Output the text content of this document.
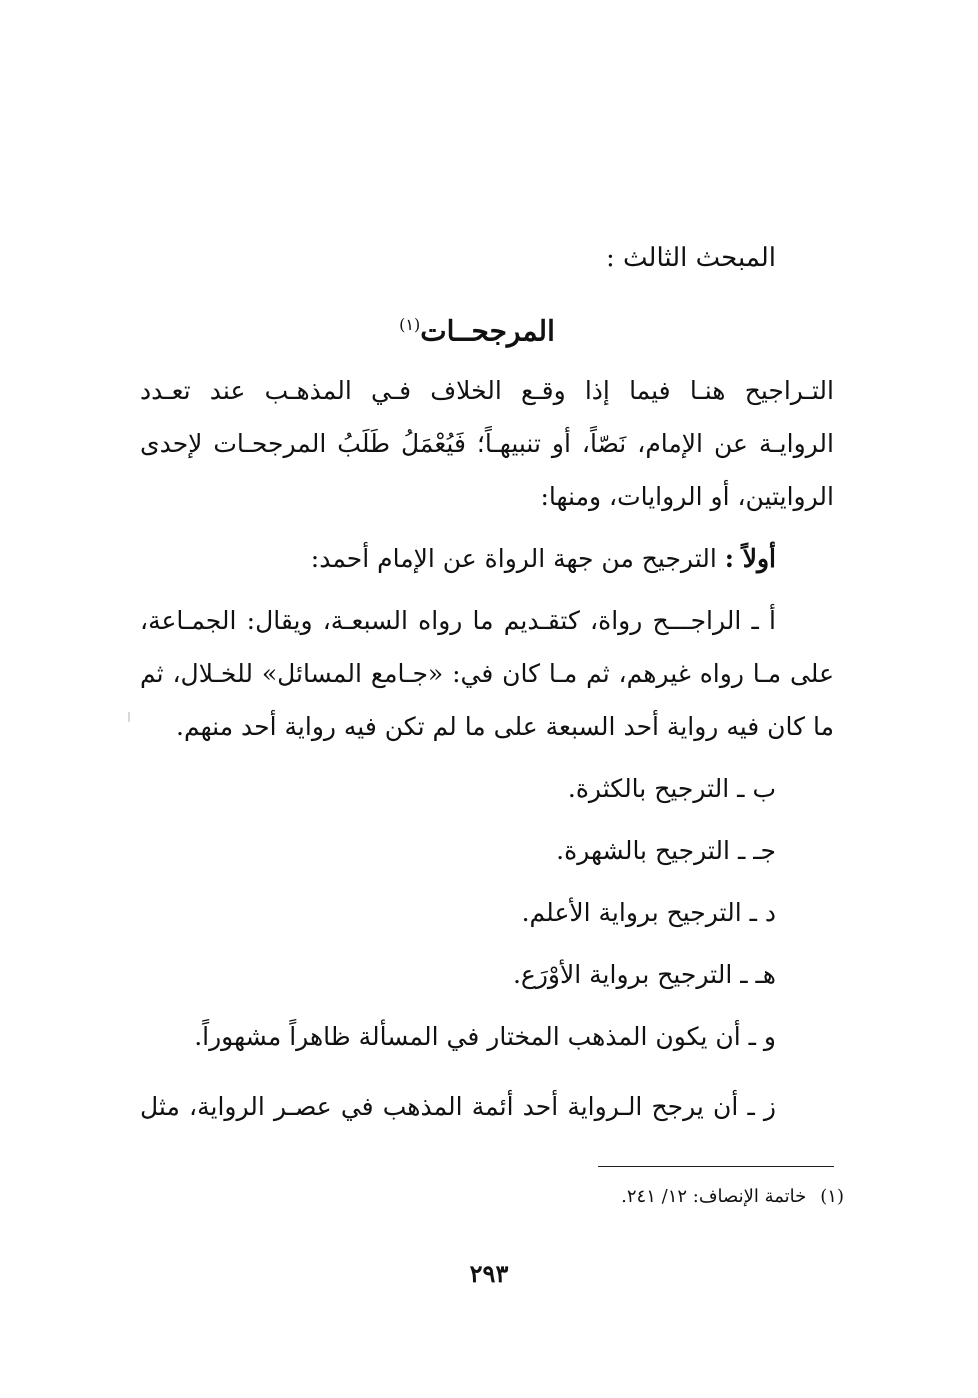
المبحث الثالث :

المرجحــات$^{(١)}$

التـراجيح هنـا فيما إذا وقـع الخلاف فـي المذهـب عند تعـدد

الروايـة عن الإمام، نَصّاً، أو تنبيهـاً؛ فَيُعْمَلُ طَلَبُ المرجحـات لإحدى

الروايتين، أو الروايات، ومنها:

أولاً : الترجيح من جهة الرواة عن الإمام أحمد:

أ ـ الراجـــح رواة، كتقـديم ما رواه السبعـة، ويقال: الجمـاعة،

على مـا رواه غيرهم، ثم مـا كان في: «جـامع المسائل» للخـلال، ثم

ما كان فيه رواية أحد السبعة على ما لم تكن فيه رواية أحد منهم.

ب ـ الترجيح بالكثرة.

جـ ـ الترجيح بالشهرة.

د ـ الترجيح برواية الأعلم.

هـ ـ الترجيح برواية الأوْرَع.

و ـ أن يكون المذهب المختار في المسألة ظاهراً مشهوراً.

ز ـ أن يرجح الـرواية أحد أئمة المذهب في عصـر الرواية، مثل

(١)خاتمة الإنصاف: ١٢/ ٢٤١.

٢٩٣
